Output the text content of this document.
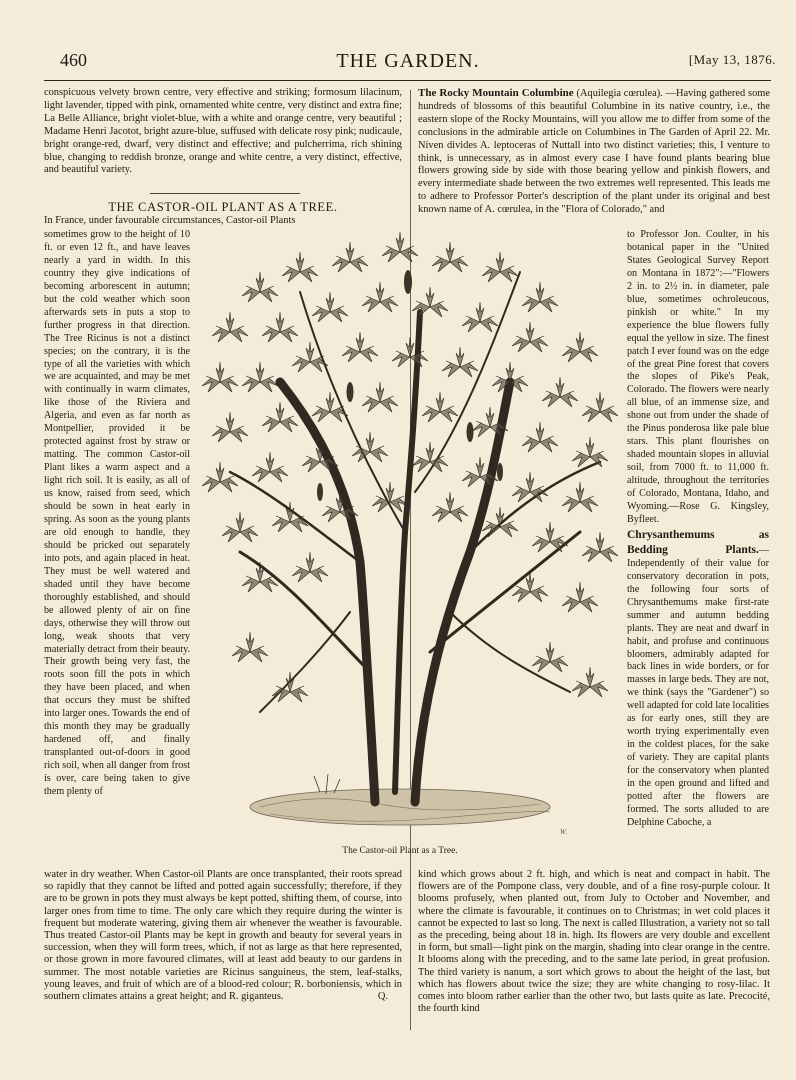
460	THE GARDEN.	[May 13, 1876.

conspicuous velvety brown centre, very effective and striking; formosum lilacinum, light lavender, tipped with pink, ornamented white centre, very distinct and extra fine; La Belle Alliance, bright violet-blue, with a white and orange centre, very beautiful ; Madame Henri Jacotot, bright azure-blue, suffused with delicate rosy pink; nudicaule, bright orange-red, dwarf, very distinct and effective; and pulcherrima, rich shining blue, changing to reddish bronze, orange and white centre, a very distinct, effective, and beautiful variety.

THE CASTOR-OIL PLANT AS A TREE.

In France, under favourable circumstances, Castor-oil Plants

sometimes grow to the height of 10 ft. or even 12 ft., and have leaves nearly a yard in width. In this country they give indications of becoming arborescent in autumn; but the cold weather which soon afterwards sets in puts a stop to further progress in that direction. The Tree Ricinus is not a distinct species; on the contrary, it is the type of all the varieties with which we are acquainted, and may be met with continually in warm climates, like those of the Riviera and Algeria, and even as far north as Montpellier, provided it be protected against frost by straw or matting. The common Castor-oil Plant likes a warm aspect and a light rich soil. It is easily, as all of us know, raised from seed, which should be sown in heat early in spring. As soon as the young plants are old enough to handle, they should be pricked out separately into pots, and again placed in heat. They must be well watered and shaded until they have become thoroughly established, and should be allowed plenty of air on fine days, otherwise they will throw out long, weak shoots that very materially detract from their beauty. Their growth being very fast, the roots soon fill the pots in which they have been placed, and when that occurs they must be shifted into larger ones. Towards the end of this month they may be gradually hardened off, and finally transplanted out-of-doors in good rich soil, when all danger from frost is over, care being taken to give them plenty of

water in dry weather. When Castor-oil Plants are once transplanted, their roots spread so rapidly that they cannot be lifted and potted again successfully; therefore, if they are to be grown in pots they must always be kept potted, shifting them, of course, into larger ones from time to time. The only care which they require during the winter is frequent but moderate watering, giving them air whenever the weather is favourable. Thus treated Castor-oil Plants may be kept in growth and beauty for several years in succession, when they will form trees, which, if not as large as that here represented, or those grown in more favoured climates, will at least add beauty to our gardens in summer. The most notable varieties are Ricinus sanguineus, the stem, leaf-stalks, young leaves, and fruit of which are of a blood-red colour; R. borboniensis, which in southern climates attains a great height; and R. giganteus.	Q.

W.
The Castor-oil Plant as a Tree.

The Rocky Mountain Columbine (Aquilegia cœrulea). —Having gathered some hundreds of blossoms of this beautiful Columbine in its native country, i.e., the eastern slope of the Rocky Mountains, will you allow me to differ from some of the conclusions in the admirable article on Columbines in The Garden of April 22. Mr. Niven divides A. leptoceras of Nuttall into two distinct varieties; this, I venture to think, is unnecessary, as in almost every case I have found plants bearing blue flowers growing side by side with those bearing yellow and pinkish flowers, and every intermediate shade between the two extremes well represented. This leads me to adhere to Professor Porter's description of the plant under its original and best known name of A. cœrulea, in the "Flora of Colorado," and

to Professor Jon. Coulter, in his botanical paper in the "United States Geological Survey Report on Montana in 1872":—"Flowers 2 in. to 2½ in. in diameter, pale blue, sometimes ochroleucous, pinkish or white." In my experience the blue flowers fully equal the yellow in size. The finest patch I ever found was on the edge of the great Pine forest that covers the slopes of Pike's Peak, Colorado. The flowers were nearly all blue, of an immense size, and shone out from under the shade of the Pinus ponderosa like pale blue stars. This plant flourishes on shaded mountain slopes in alluvial soil, from 7000 ft. to 11,000 ft. altitude, throughout the territories of Colorado, Montana, Idaho, and Wyoming.—Rose G. Kingsley, Byfleet.

Chrysanthemums as Bedding Plants.—Independently of their value for conservatory decoration in pots, the following four sorts of Chrysanthemums make first-rate summer and autumn bedding plants. They are neat and dwarf in habit, and profuse and continuous bloomers, admirably adapted for back lines in wide borders, or for masses in large beds. They are not, we think (says the "Gardener") so well adapted for cold late localities as for early ones, still they are worth trying experimentally even in the coldest places, for the sake of variety. They are capital plants for the conservatory when planted in the open ground and lifted and potted after the flowers are formed. The sorts alluded to are Delphine Caboche, a

kind which grows about 2 ft. high, and which is neat and compact in habit. The flowers are of the Pompone class, very double, and of a fine rosy-purple colour. It blooms profusely, when planted out, from July to October and November, and where the climate is favourable, it continues on to Christmas; in wet cold places it cannot be expected to last so long. The next is called Illustration, a variety not so tall as the preceding, being about 18 in. high. Its flowers are very double and excellent in form, but small—light pink on the margin, shading into clear orange in the centre. It blooms along with the preceding, and to the same late period, in great profusion. The third variety is nanum, a sort which grows to about the height of the last, but which has flowers about twice the size; they are white changing to rosy-lilac. It comes into bloom rather earlier than the other two, but lasts quite as late. Precocité, the fourth kind
